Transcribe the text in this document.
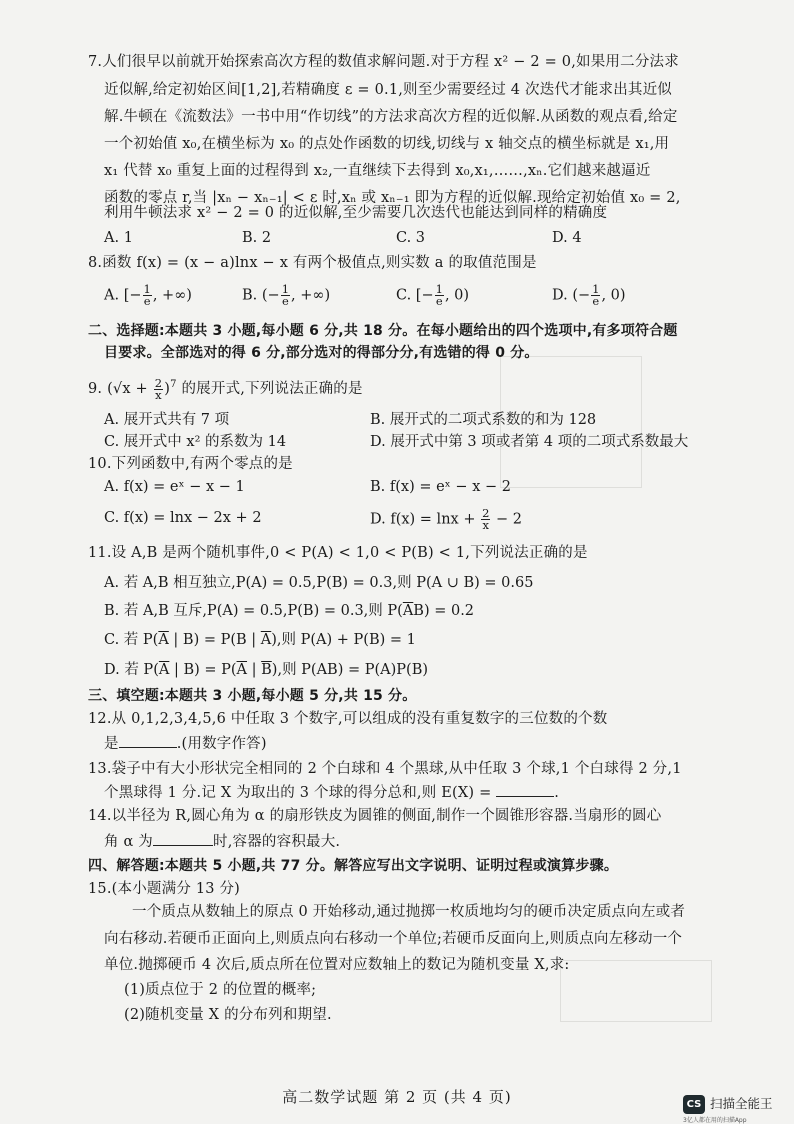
7.人们很早以前就开始探索高次方程的数值求解问题.对于方程 x² − 2 = 0,如果用二分法求
近似解,给定初始区间[1,2],若精确度 ε = 0.1,则至少需要经过 4 次迭代才能求出其近似
解.牛顿在《流数法》一书中用“作切线”的方法求高次方程的近似解.从函数的观点看,给定
一个初始值 x₀,在横坐标为 x₀ 的点处作函数的切线,切线与 x 轴交点的横坐标就是 x₁,用
x₁ 代替 x₀ 重复上面的过程得到 x₂,一直继续下去得到 x₀,x₁,……,xₙ.它们越来越逼近
函数的零点 r,当 |xₙ − xₙ₋₁| < ε 时,xₙ 或 xₙ₋₁ 即为方程的近似解.现给定初始值 x₀ = 2,
利用牛顿法求 x² − 2 = 0 的近似解,至少需要几次迭代也能达到同样的精确度
A. 1	B. 2	C. 3	D. 4
8.函数 f(x) = (x − a)lnx − x 有两个极值点,则实数 a 的取值范围是
A. [− $\frac{1}{e}$ , +∞)	B. (− $\frac{1}{e}$ , +∞)	C. [− $\frac{1}{e}$ , 0)	D. (− $\frac{1}{e}$ , 0)
二、选择题:本题共 3 小题,每小题 6 分,共 18 分。在每小题给出的四个选项中,有多项符合题
目要求。全部选对的得 6 分,部分选对的得部分分,有选错的得 0 分。
9. $(√x + \frac{2}{x} )^7$ 的展开式,下列说法正确的是
A. 展开式共有 7 项	B. 展开式的二项式系数的和为 128
C. 展开式中 x² 的系数为 14	D. 展开式中第 3 项或者第 4 项的二项式系数最大
10.下列函数中,有两个零点的是
A. f(x) = eˣ − x − 1	B. f(x) = eˣ − x − 2
C. f(x) = lnx − 2x + 2	D. $f(x) = \ln x + \frac{2}{x} - 2$
11.设 A,B 是两个随机事件,0 < P(A) < 1,0 < P(B) < 1,下列说法正确的是
A. 若 A,B 相互独立,P(A) = 0.5,P(B) = 0.3,则 P(A ∪ B) = 0.65
B. 若 A,B 互斥,P(A) = 0.5,P(B) = 0.3,则 $P(\overline{A}B) = 0.2$
C. 若 $P(\overline{A}$ | B) = P(B | $\overline{A}$),则 P(A) + P(B) = 1
D. 若 $P(\overline{A}$ | $B) = P(\overline{A}$ | $\overline{B}$),则 P(AB) = P(A)P(B)
三、填空题:本题共 3 小题,每小题 5 分,共 15 分。
12.从 0,1,2,3,4,5,6 中任取 3 个数字,可以组成的没有重复数字的三位数的个数
是	.(用数字作答)
13.袋子中有大小形状完全相同的 2 个白球和 4 个黑球,从中任取 3 个球,1 个白球得 2 分,1
个黑球得 1 分.记 X 为取出的 3 个球的得分总和,则 E(X) =	.
14.以半径为 R,圆心角为 α 的扇形铁皮为圆锥的侧面,制作一个圆锥形容器.当扇形的圆心
角 α 为	时,容器的容积最大.
四、解答题:本题共 5 小题,共 77 分。解答应写出文字说明、证明过程或演算步骤。
15.(本小题满分 13 分)
一个质点从数轴上的原点 0 开始移动,通过抛掷一枚质地均匀的硬币决定质点向左或者
向右移动.若硬币正面向上,则质点向右移动一个单位;若硬币反面向上,则质点向左移动一个
单位.抛掷硬币 4 次后,质点所在位置对应数轴上的数记为随机变量 X,求:
(1)质点位于 2 的位置的概率;
(2)随机变量 X 的分布列和期望.
高二数学试题 第 2 页 (共 4 页)	CS 扫描全能王
3亿人都在用的扫描App
